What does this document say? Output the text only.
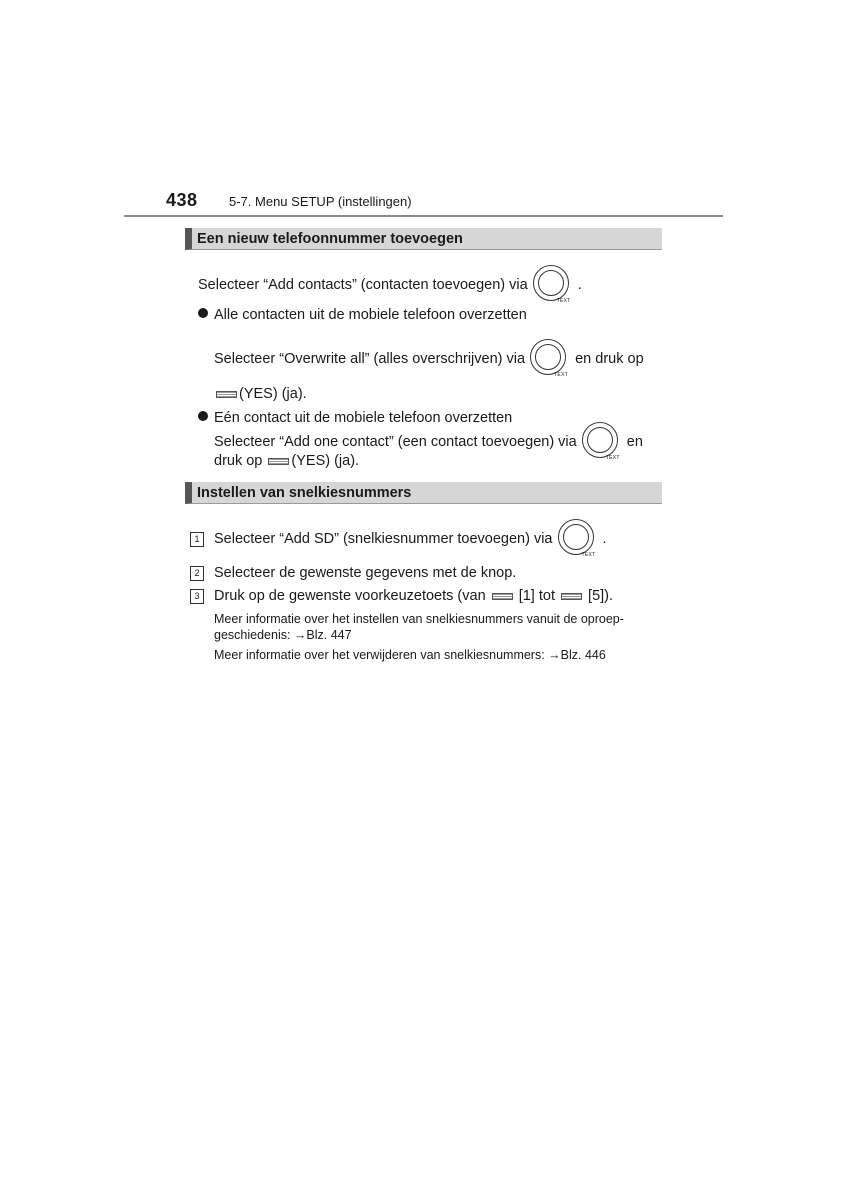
438 5-7. Menu SETUP (instellingen)
Een nieuw telefoonnummer toevoegen
Selecteer “Add contacts” (contacten toevoegen) via
TEXT
.
Alle contacten uit de mobiele telefoon overzetten
Selecteer “Overwrite all” (alles overschrijven) via
TEXT
en druk op
(YES) (ja).
Eén contact uit de mobiele telefoon overzetten
Selecteer “Add one contact” (een contact toevoegen) via
TEXT
en
druk op (YES) (ja).
Instellen van snelkiesnummers
1 Selecteer “Add SD” (snelkiesnummer toevoegen) via
TEXT
.
2 Selecteer de gewenste gegevens met de knop.
3 Druk op de gewenste voorkeuzetoets (van [1] tot [5]).
Meer informatie over het instellen van snelkiesnummers vanuit de oproep-
geschiedenis: →Blz. 447
Meer informatie over het verwijderen van snelkiesnummers: →Blz. 446
